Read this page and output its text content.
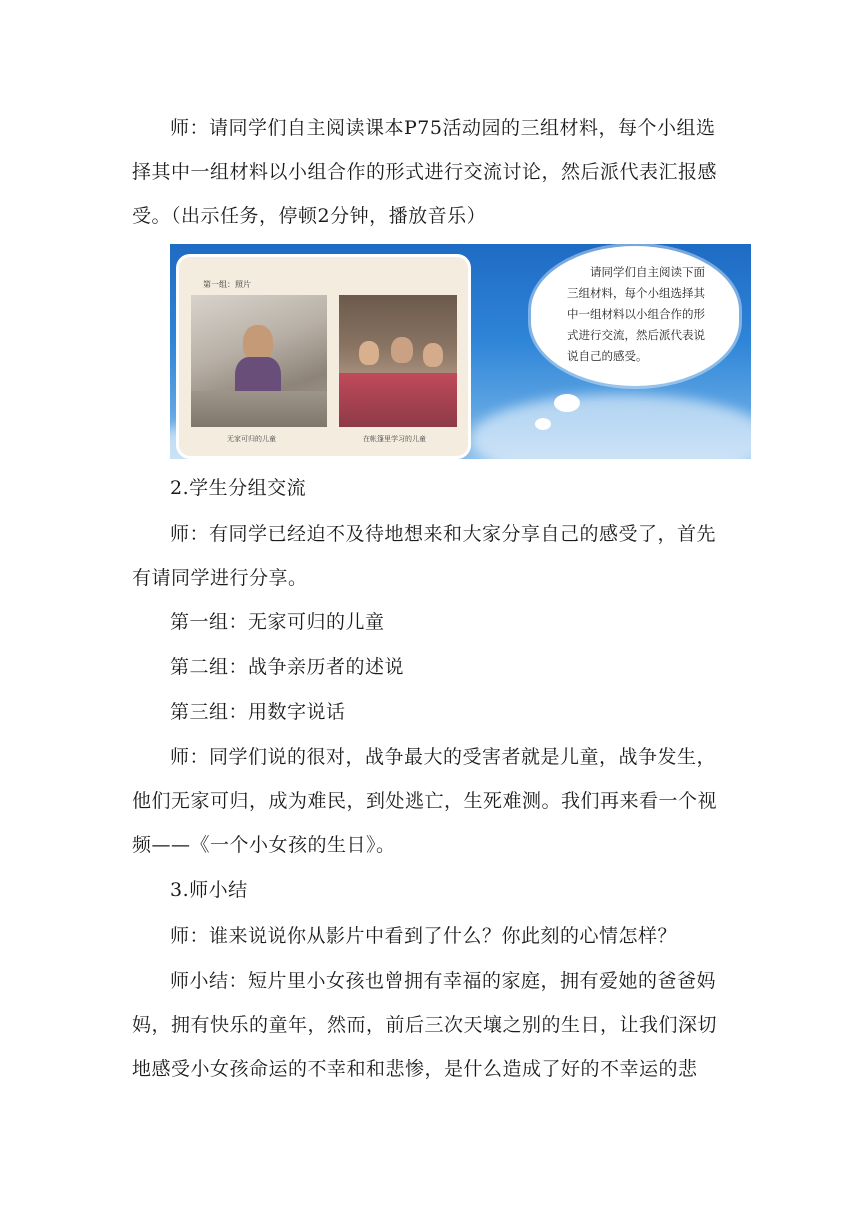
师：请同学们自主阅读课本P75活动园的三组材料，每个小组选择其中一组材料以小组合作的形式进行交流讨论，然后派代表汇报感受。（出示任务，停顿2分钟，播放音乐）

第一组：照片
无家可归的儿童	在帐篷里学习的儿童

请同学们自主阅读下面三组材料，每个小组选择其中一组材料以小组合作的形式进行交流，然后派代表说说自己的感受。

2.学生分组交流

师：有同学已经迫不及待地想来和大家分享自己的感受了，首先有请同学进行分享。

第一组：无家可归的儿童

第二组：战争亲历者的述说

第三组：用数字说话

师：同学们说的很对，战争最大的受害者就是儿童，战争发生，他们无家可归，成为难民，到处逃亡，生死难测。我们再来看一个视频——《一个小女孩的生日》。

3.师小结

师：谁来说说你从影片中看到了什么？你此刻的心情怎样？

师小结：短片里小女孩也曾拥有幸福的家庭，拥有爱她的爸爸妈妈，拥有快乐的童年，然而，前后三次天壤之别的生日，让我们深切地感受小女孩命运的不幸和和悲惨，是什么造成了好的不幸运的悲
